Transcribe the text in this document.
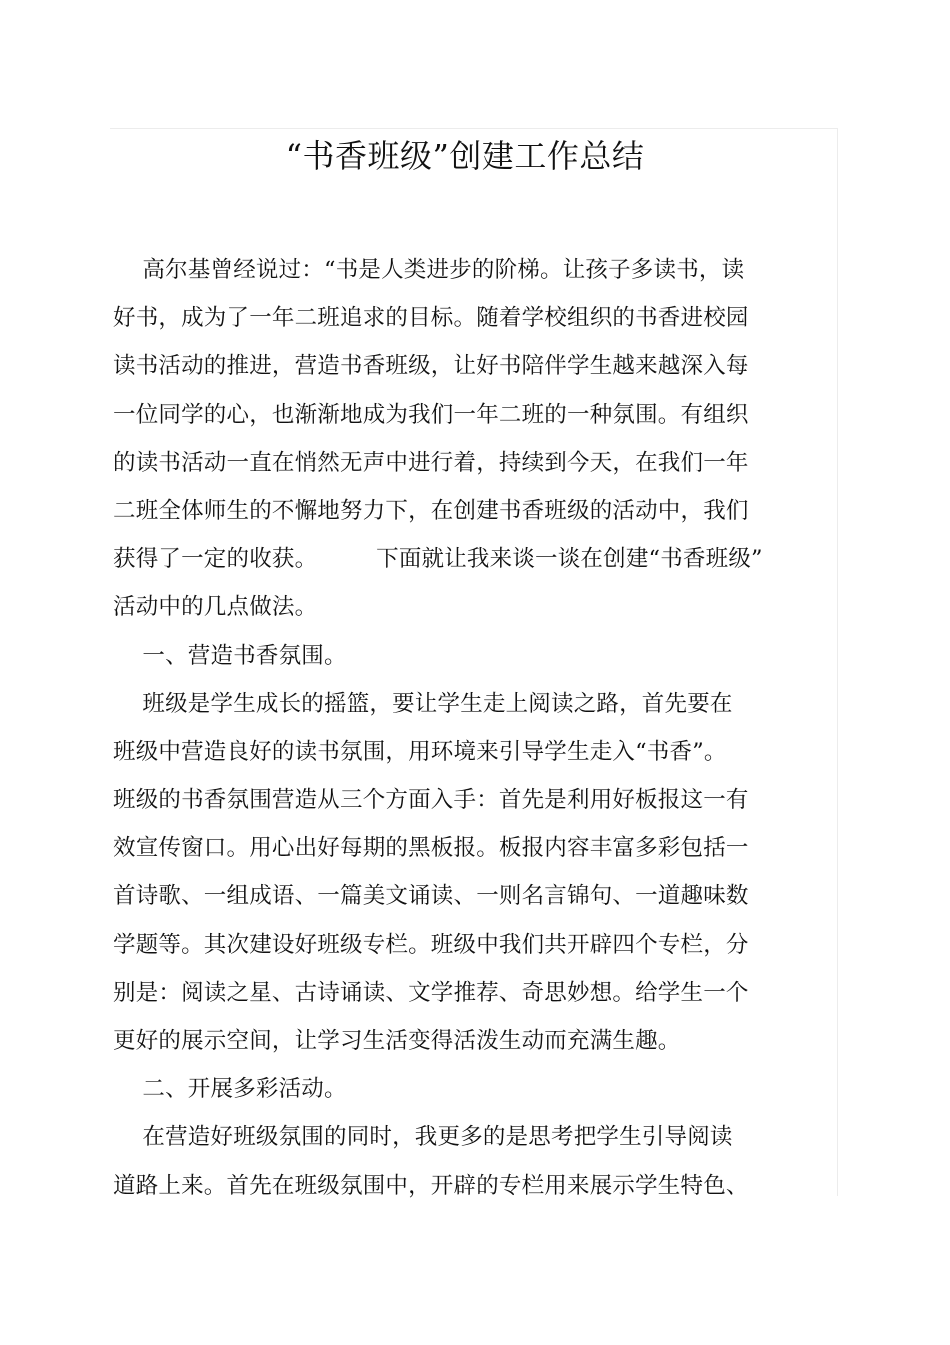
“书香班级”创建工作总结
高尔基曾经说过：“书是人类进步的阶梯。让孩子多读书，读
好书，成为了一年二班追求的目标。随着学校组织的书香进校园
读书活动的推进，营造书香班级，让好书陪伴学生越来越深入每
一位同学的心，也渐渐地成为我们一年二班的一种氛围。有组织
的读书活动一直在悄然无声中进行着，持续到今天，在我们一年
二班全体师生的不懈地努力下，在创建书香班级的活动中，我们
获得了一定的收获。        下面就让我来谈一谈在创建“书香班级”
活动中的几点做法。
一、营造书香氛围。
班级是学生成长的摇篮，要让学生走上阅读之路，首先要在
班级中营造良好的读书氛围，用环境来引导学生走入“书香”。
班级的书香氛围营造从三个方面入手：首先是利用好板报这一有
效宣传窗口。用心出好每期的黑板报。板报内容丰富多彩包括一
首诗歌、一组成语、一篇美文诵读、一则名言锦句、一道趣味数
学题等。其次建设好班级专栏。班级中我们共开辟四个专栏，分
别是：阅读之星、古诗诵读、文学推荐、奇思妙想。给学生一个
更好的展示空间，让学习生活变得活泼生动而充满生趣。
二、开展多彩活动。
在营造好班级氛围的同时，我更多的是思考把学生引导阅读
道路上来。首先在班级氛围中，开辟的专栏用来展示学生特色、
